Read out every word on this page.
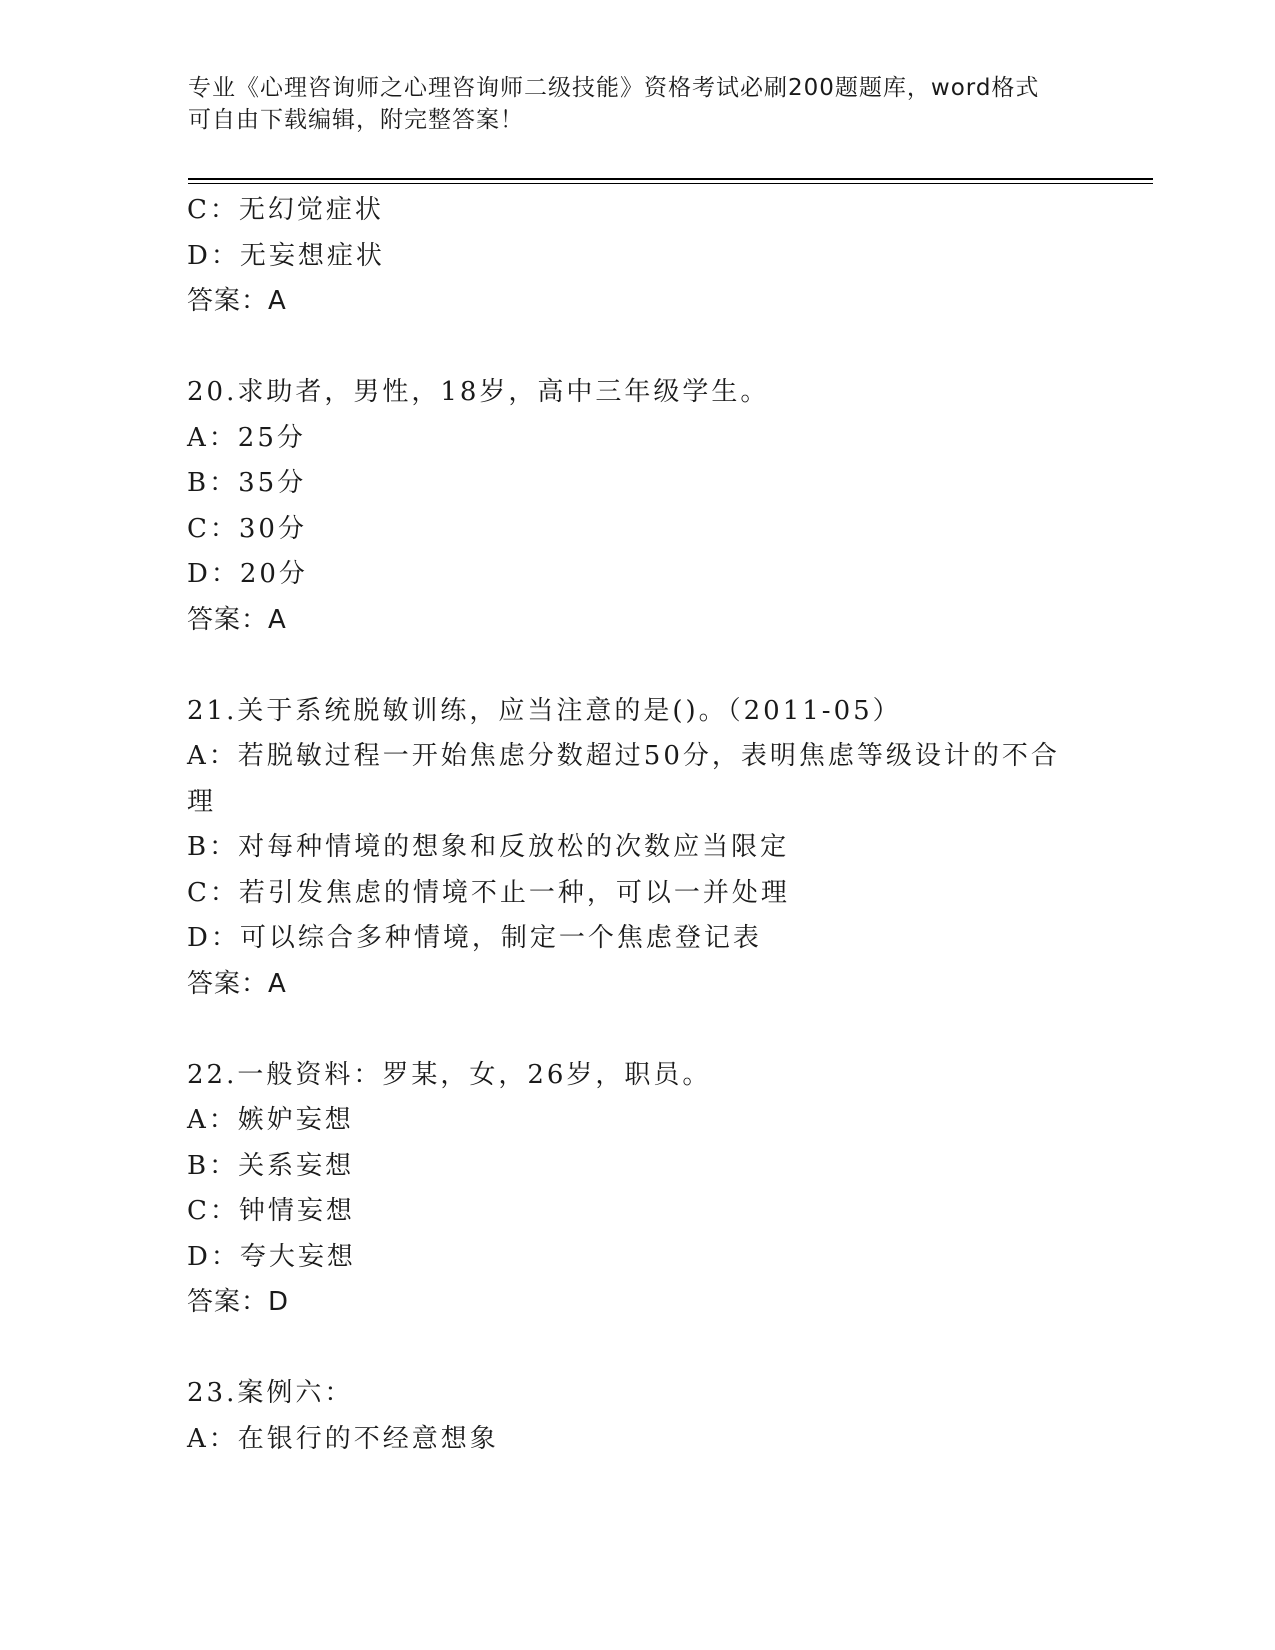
专业《心理咨询师之心理咨询师二级技能》资格考试必刷200题题库，word格式
可自由下载编辑，附完整答案！
C：无幻觉症状
D：无妄想症状
答案：A
20.求助者，男性，18岁，高中三年级学生。
A：25分
B：35分
C：30分
D：20分
答案：A
21.关于系统脱敏训练，应当注意的是()。（2011-05）
A：若脱敏过程一开始焦虑分数超过50分，表明焦虑等级设计的不合
理
B：对每种情境的想象和反放松的次数应当限定
C：若引发焦虑的情境不止一种，可以一并处理
D：可以综合多种情境，制定一个焦虑登记表
答案：A
22.一般资料：罗某，女，26岁，职员。
A：嫉妒妄想
B：关系妄想
C：钟情妄想
D：夸大妄想
答案：D
23.案例六：
A：在银行的不经意想象
